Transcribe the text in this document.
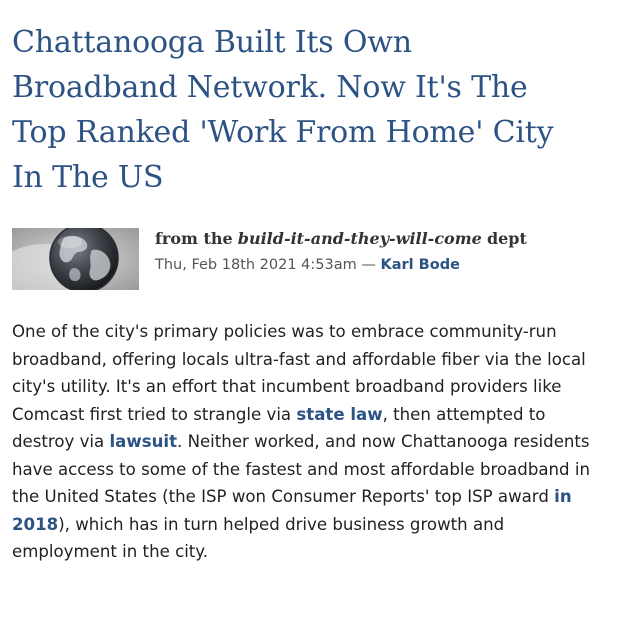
Chattanooga Built Its Own
Broadband Network. Now It's The
Top Ranked 'Work From Home' City
In The US
from the build-it-and-they-will-come dept
Thu, Feb 18th 2021 4:53am — Karl Bode

One of the city's primary policies was to embrace community-run broadband, offering locals ultra-fast and affordable fiber via the local city's utility. It's an effort that incumbent broadband providers like Comcast first tried to strangle via state law, then attempted to destroy via lawsuit. Neither worked, and now Chattanooga residents have access to some of the fastest and most affordable broadband in the United States (the ISP won Consumer Reports' top ISP award in 2018), which has in turn helped drive business growth and employment in the city.
